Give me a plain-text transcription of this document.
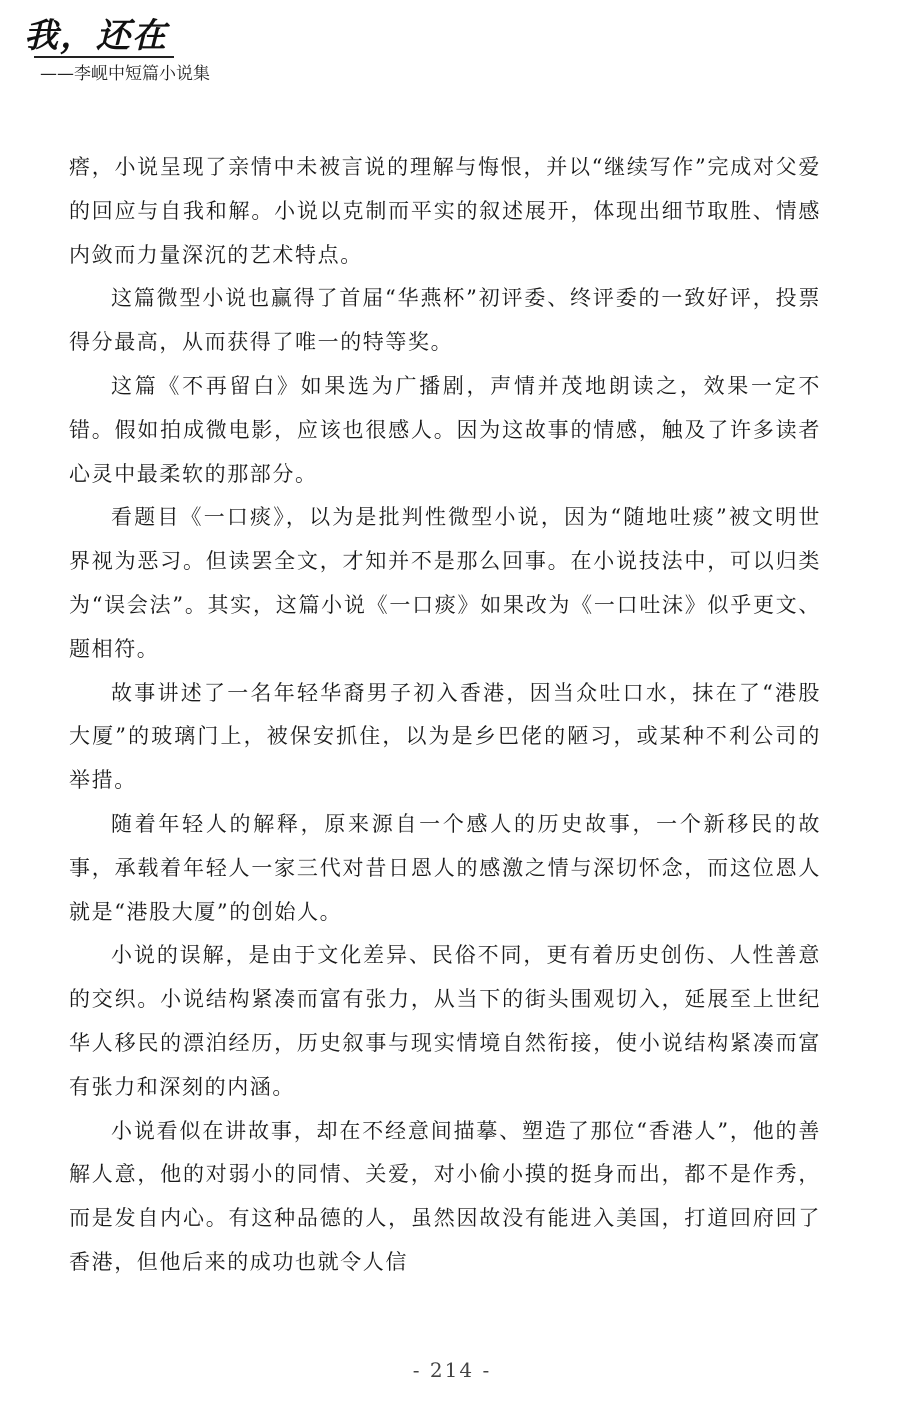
我，还在
——李岘中短篇小说集

瘩，小说呈现了亲情中未被言说的理解与悔恨，并以“继续写作”完成对父爱的回应与自我和解。小说以克制而平实的叙述展开，体现出细节取胜、情感内敛而力量深沉的艺术特点。

这篇微型小说也赢得了首届“华燕杯”初评委、终评委的一致好评，投票得分最高，从而获得了唯一的特等奖。

这篇《不再留白》如果选为广播剧，声情并茂地朗读之，效果一定不错。假如拍成微电影，应该也很感人。因为这故事的情感，触及了许多读者心灵中最柔软的那部分。

看题目《一口痰》，以为是批判性微型小说，因为“随地吐痰”被文明世界视为恶习。但读罢全文，才知并不是那么回事。在小说技法中，可以归类为“误会法”。其实，这篇小说《一口痰》如果改为《一口吐沫》似乎更文、题相符。

故事讲述了一名年轻华裔男子初入香港，因当众吐口水，抹在了“港股大厦”的玻璃门上，被保安抓住，以为是乡巴佬的陋习，或某种不利公司的举措。

随着年轻人的解释，原来源自一个感人的历史故事，一个新移民的故事，承载着年轻人一家三代对昔日恩人的感激之情与深切怀念，而这位恩人就是“港股大厦”的创始人。

小说的误解，是由于文化差异、民俗不同，更有着历史创伤、人性善意的交织。小说结构紧凑而富有张力，从当下的街头围观切入，延展至上世纪华人移民的漂泊经历，历史叙事与现实情境自然衔接，使小说结构紧凑而富有张力和深刻的内涵。

小说看似在讲故事，却在不经意间描摹、塑造了那位“香港人”，他的善解人意，他的对弱小的同情、关爱，对小偷小摸的挺身而出，都不是作秀，而是发自内心。有这种品德的人，虽然因故没有能进入美国，打道回府回了香港，但他后来的成功也就令人信

- 214 -
